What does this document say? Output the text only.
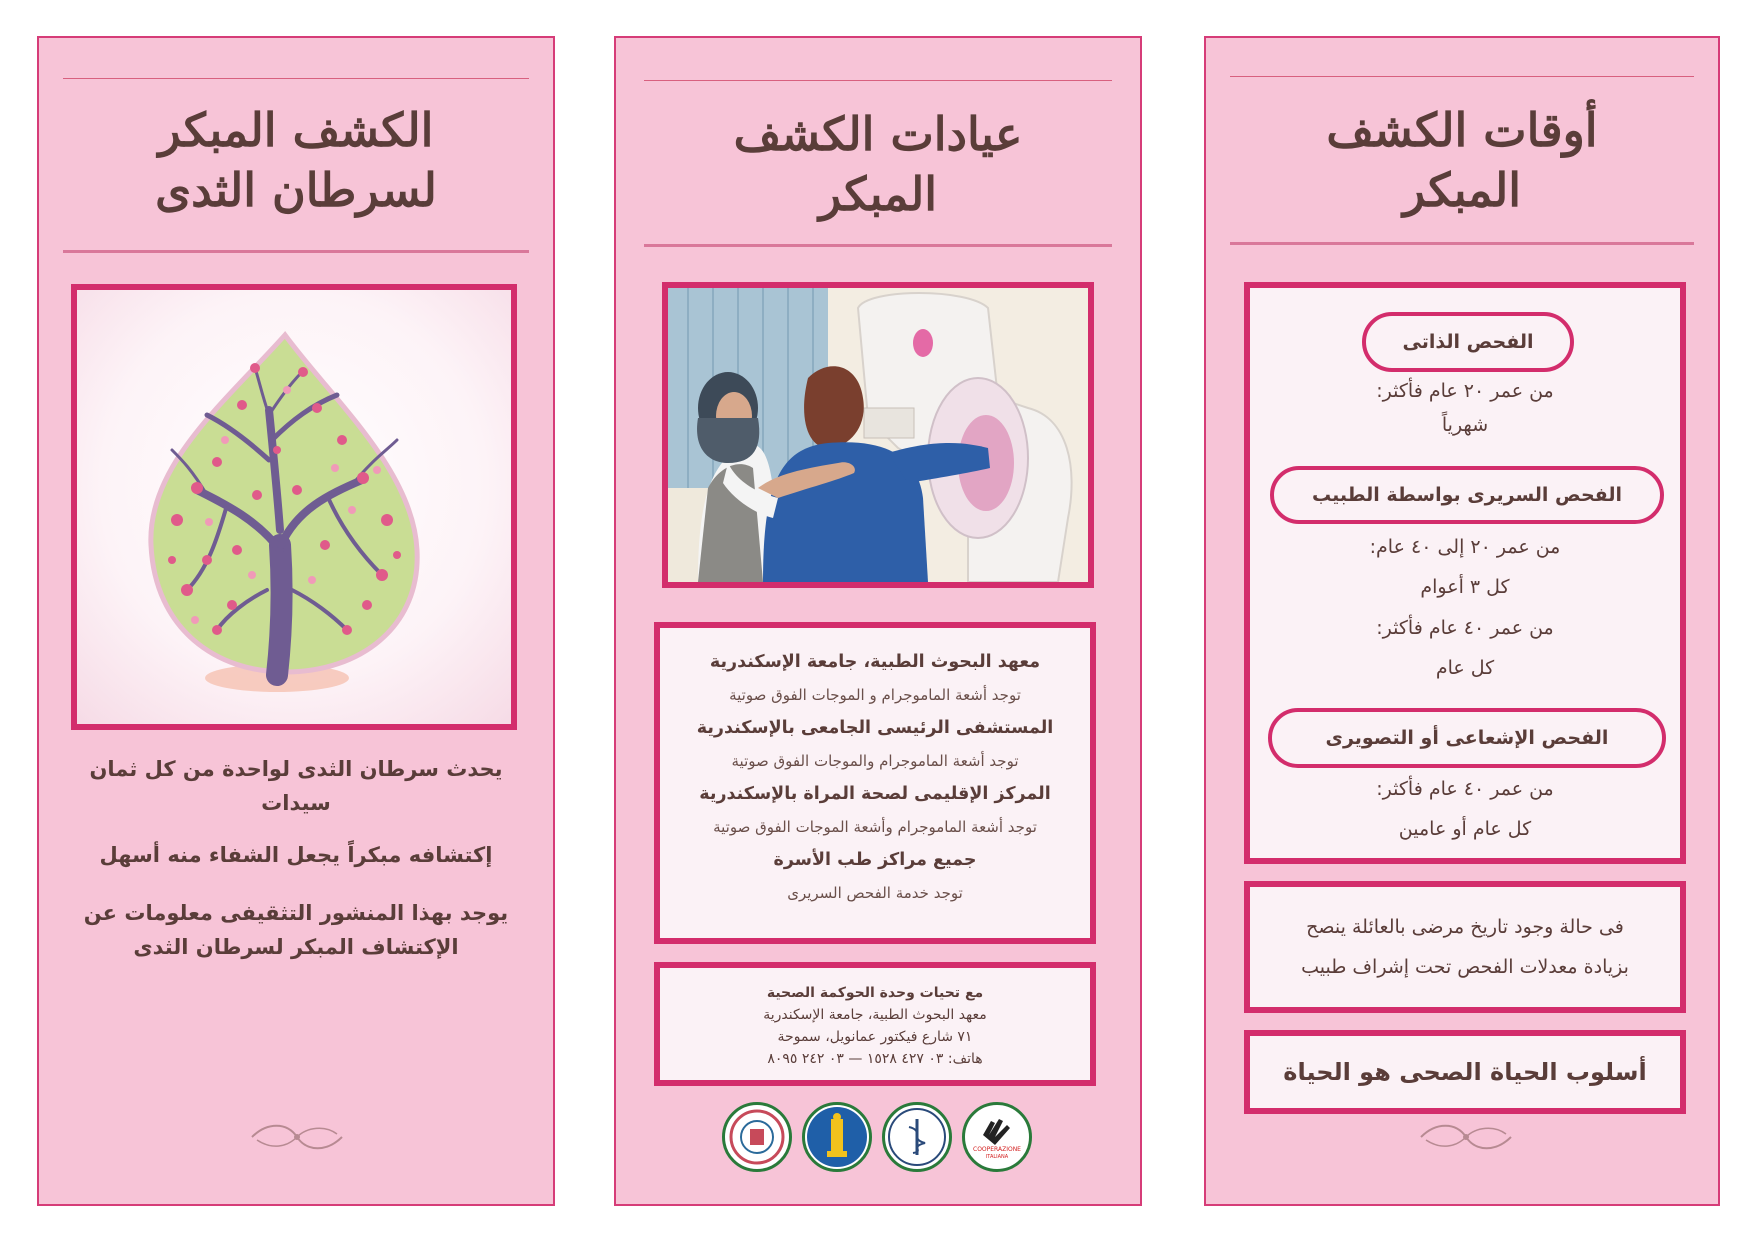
الكشف المبكر
لسرطان الثدى
يحدث سرطان الثدى لواحدة من كل ثمان سيدات
إكتشافه مبكراً يجعل الشفاء منه أسهل
يوجد بهذا المنشور التثقيفى معلومات عن الإكتشاف المبكر لسرطان الثدى
عيادات الكشف
المبكر
معهد البحوث الطبية، جامعة الإسكندرية
توجد أشعة الماموجرام و الموجات الفوق صوتية
المستشفى الرئيسى الجامعى بالإسكندرية
توجد أشعة الماموجرام والموجات الفوق صوتية
المركز الإقليمى لصحة المراة بالإسكندرية
توجد أشعة الماموجرام وأشعة الموجات الفوق صوتية
جميع مراكز طب الأسرة
توجد خدمة الفحص السريرى
مع تحيات وحدة الحوكمة الصحية
معهد البحوث الطبية، جامعة الإسكندرية
٧١ شارع فيكتور عمانويل، سموحة
هاتف: ٠٣ ٤٢٧ ١٥٢٨ — ٠٣ ٢٤٢ ٨٠٩٥
COOPERAZIONE
ITALIANA
أوقات الكشف
المبكر
الفحص الذاتى
من عمر ٢٠ عام فأكثر:
شهرياً
الفحص السريرى بواسطة الطبيب
من عمر ٢٠ إلى ٤٠ عام:
كل ٣ أعوام
من عمر ٤٠ عام فأكثر:
كل عام
الفحص الإشعاعى أو التصويرى
من عمر ٤٠ عام فأكثر:
كل عام أو عامين
فى حالة وجود تاريخ مرضى بالعائلة ينصح
بزيادة معدلات الفحص تحت إشراف طبيب
أسلوب الحياة الصحى هو الحياة
